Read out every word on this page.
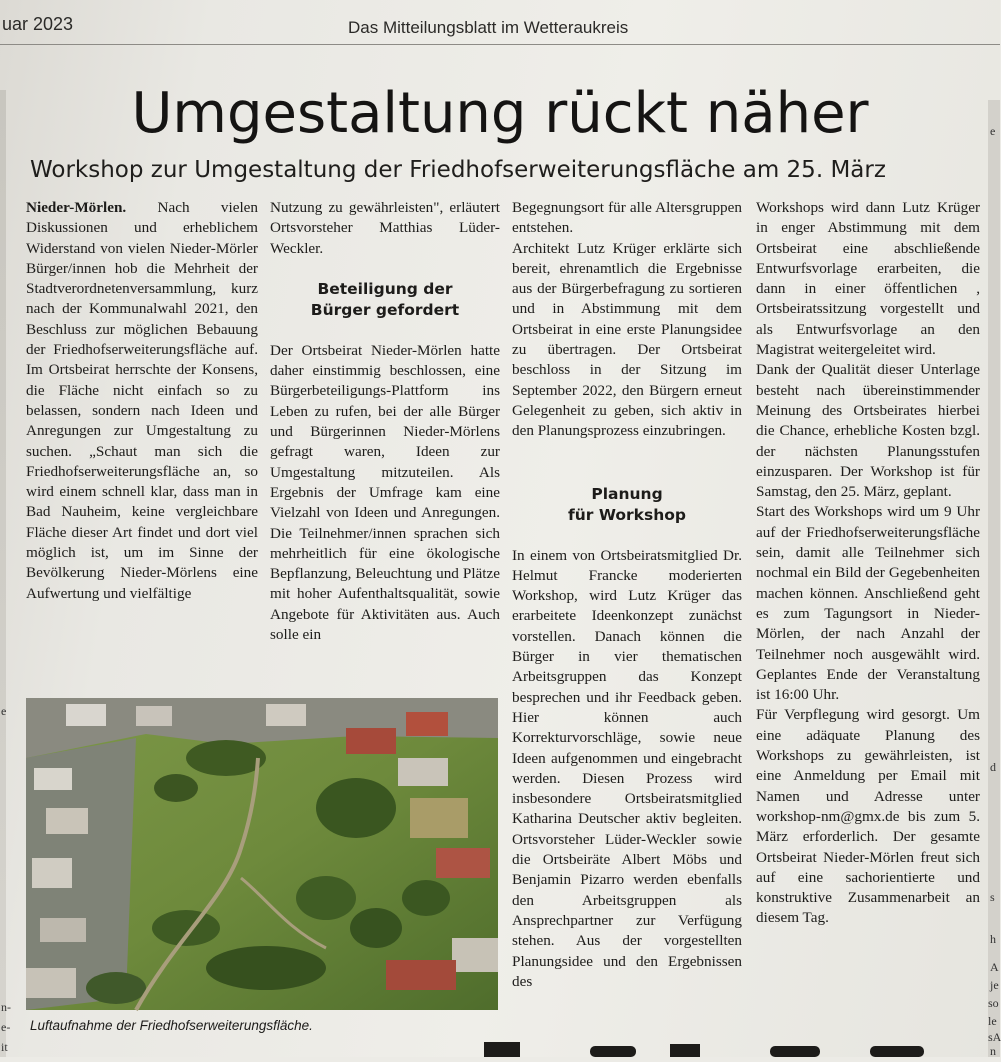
uar 2023	Das Mitteilungsblatt im Wetteraukreis
Umgestaltung rückt näher
Workshop zur Umgestaltung der Friedhofserweiterungsfläche am 25. März

Nieder-Mörlen. Nach vielen Diskussionen und erheblichem Widerstand von vielen Nieder-Mörler Bürger/innen hob die Mehrheit der Stadtverordnetenversammlung, kurz nach der Kommunalwahl 2021, den Beschluss zur möglichen Bebauung der Friedhofserweiterungsfläche auf. Im Ortsbeirat herrschte der Konsens, die Fläche nicht einfach so zu belassen, sondern nach Ideen und Anregungen zur Umgestaltung zu suchen. „Schaut man sich die Friedhofserweiterungsfläche an, so wird einem schnell klar, dass man in Bad Nauheim, keine vergleichbare Fläche dieser Art findet und dort viel möglich ist, um im Sinne der Bevölkerung Nieder-Mörlens eine Aufwertung und vielfältige

Nutzung zu gewährleisten", erläutert Ortsvorsteher Matthias Lüder-Weckler.

Beteiligung der

Bürger gefordert

Der Ortsbeirat Nieder-Mörlen hatte daher einstimmig beschlossen, eine Bürgerbeteiligungs-Plattform ins Leben zu rufen, bei der alle Bürger und Bürgerinnen Nieder-Mörlens gefragt waren, Ideen zur Umgestaltung mitzuteilen. Als Ergebnis der Umfrage kam eine Vielzahl von Ideen und Anregungen. Die Teilnehmer/innen sprachen sich mehrheitlich für eine ökologische Bepflanzung, Beleuchtung und Plätze mit hoher Aufenthaltsqualität, sowie Angebote für Aktivitäten aus. Auch solle ein

Begegnungsort für alle Altersgruppen entstehen.

Architekt Lutz Krüger erklärte sich bereit, ehrenamtlich die Ergebnisse aus der Bürgerbefragung zu sortieren und in Abstimmung mit dem Ortsbeirat in eine erste Planungsidee zu übertragen. Der Ortsbeirat beschloss in der Sitzung im September 2022, den Bürgern erneut Gelegenheit zu geben, sich aktiv in den Planungsprozess einzubringen.

Planung

für Workshop

In einem von Ortsbeiratsmitglied Dr. Helmut Francke moderierten Workshop, wird Lutz Krüger das erarbeitete Ideenkonzept zunächst vorstellen. Danach können die Bürger in vier thematischen Arbeitsgruppen das Konzept besprechen und ihr Feedback geben. Hier können auch Korrekturvorschläge, sowie neue Ideen aufgenommen und eingebracht werden. Diesen Prozess wird insbesondere Ortsbeiratsmitglied Katharina Deutscher aktiv begleiten. Ortsvorsteher Lüder-Weckler sowie die Ortsbeiräte Albert Möbs und Benjamin Pizarro werden ebenfalls den Arbeitsgruppen als Ansprechpartner zur Verfügung stehen. Aus der vorgestellten Planungsidee und den Ergebnissen des

Workshops wird dann Lutz Krüger in enger Abstimmung mit dem Ortsbeirat eine abschließende Entwurfsvorlage erarbeiten, die dann in einer öffentlichen , Ortsbeiratssitzung vorgestellt und als Entwurfsvorlage an den Magistrat weitergeleitet wird.

Dank der Qualität dieser Unterlage besteht nach übereinstimmender Meinung des Ortsbeirates hierbei die Chance, erhebliche Kosten bzgl. der nächsten Planungsstufen einzusparen. Der Workshop ist für Samstag, den 25. März, geplant.

Start des Workshops wird um 9 Uhr auf der Friedhofserweiterungsfläche sein, damit alle Teilnehmer sich nochmal ein Bild der Gegebenheiten machen können. Anschließend geht es zum Tagungsort in Nieder-Mörlen, der nach Anzahl der Teilnehmer noch ausgewählt wird. Geplantes Ende der Veranstaltung ist 16:00 Uhr.

Für Verpflegung wird gesorgt. Um eine adäquate Planung des Workshops zu gewährleisten, ist eine Anmeldung per Email mit Namen und Adresse unter workshop-nm@gmx.de bis zum 5. März erforderlich. Der gesamte Ortsbeirat Nieder-Mörlen freut sich auf eine sachorientierte und konstruktive Zusammenarbeit an diesem Tag.

Luftaufnahme der Friedhofserweiterungsfläche.
e
n-
e-
it
e
d
s
h
A
je
so
le
sA
n
